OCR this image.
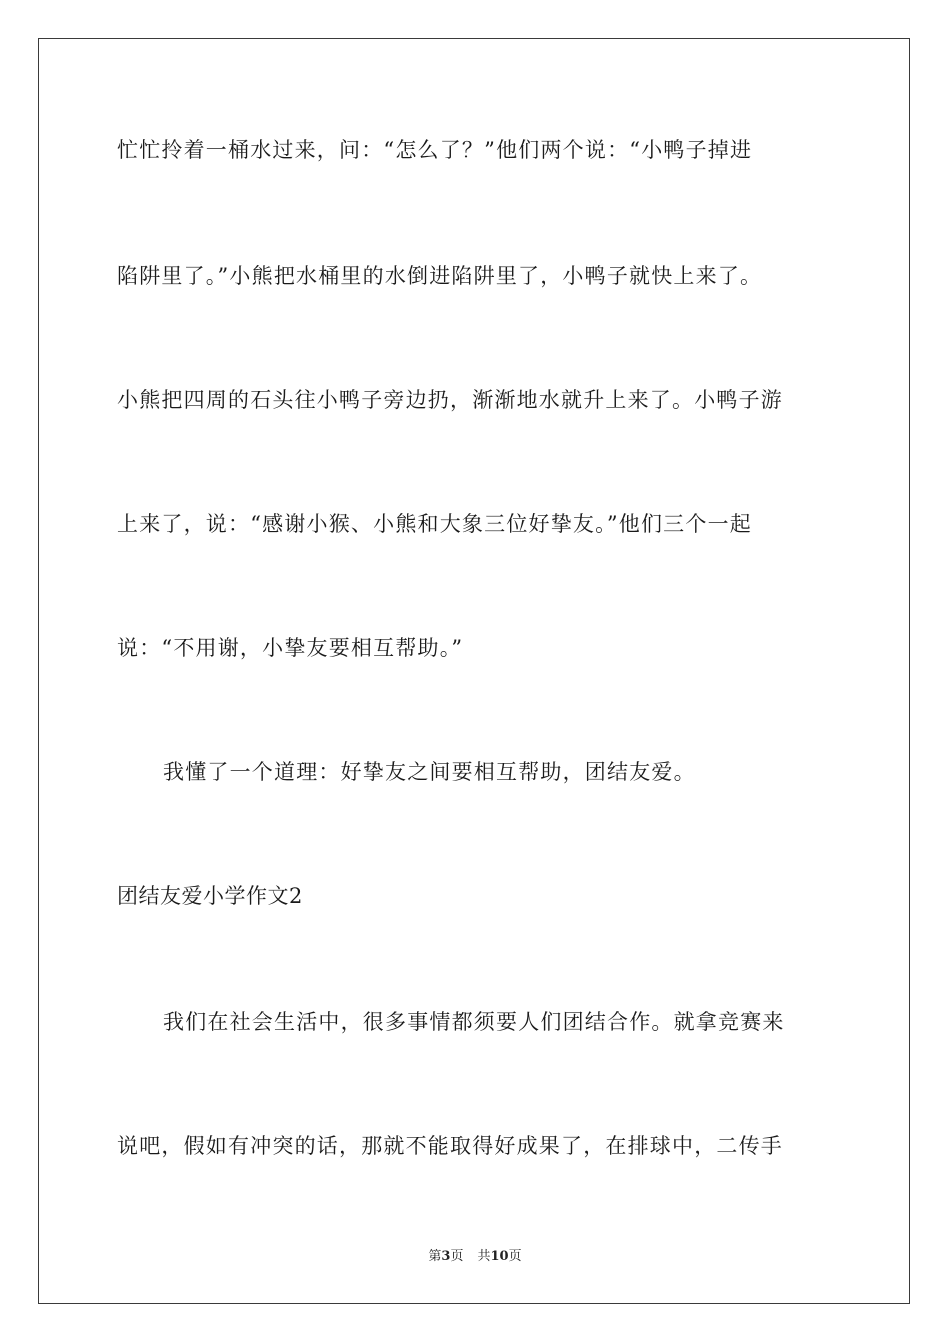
忙忙拎着一桶水过来，问：“怎么了？”他们两个说：“小鸭子掉进
陷阱里了。”小熊把水桶里的水倒进陷阱里了，小鸭子就快上来了。
小熊把四周的石头往小鸭子旁边扔，渐渐地水就升上来了。小鸭子游
上来了，说：“感谢小猴、小熊和大象三位好挚友。”他们三个一起
说：“不用谢，小挚友要相互帮助。”
我懂了一个道理：好挚友之间要相互帮助，团结友爱。
团结友爱小学作文2
我们在社会生活中，很多事情都须要人们团结合作。就拿竞赛来
说吧，假如有冲突的话，那就不能取得好成果了，在排球中，二传手
第3页 共10页
